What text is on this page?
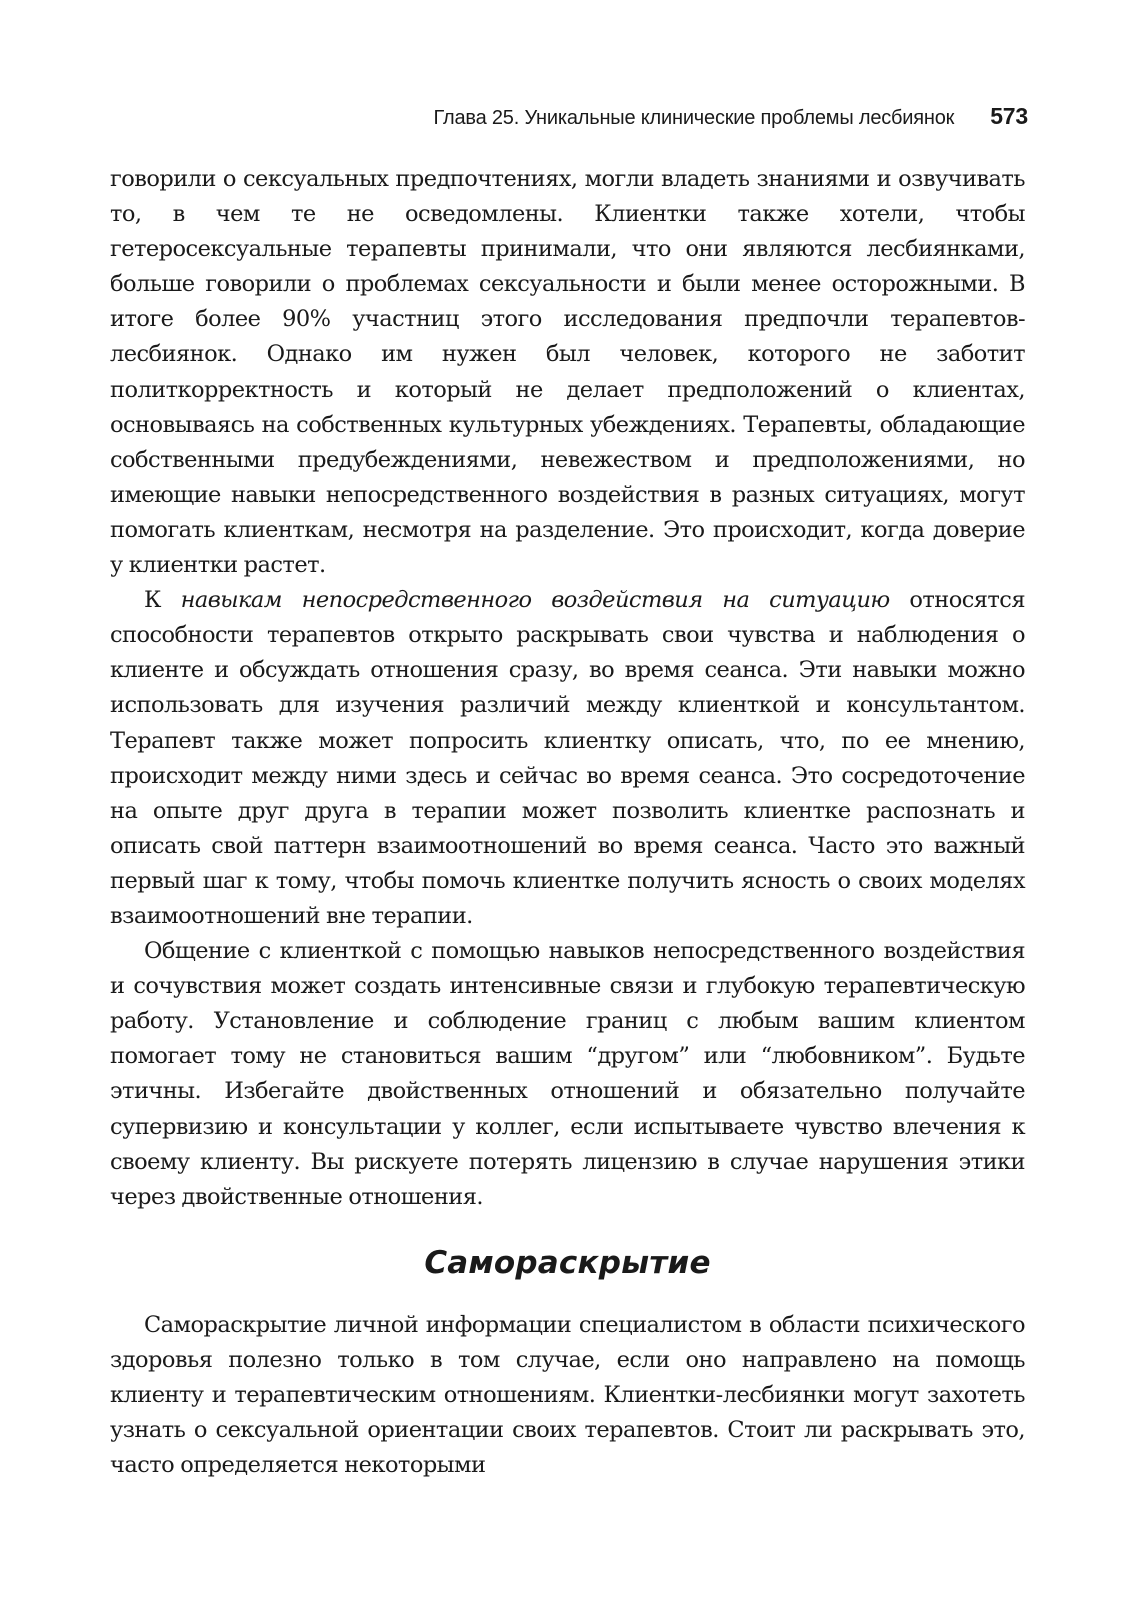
Глава 25. Уникальные клинические проблемы лесбиянок 573

говорили о сексуальных предпочтениях, могли владеть знаниями и озвучивать то, в чем те не осведомлены. Клиентки также хотели, чтобы гетеросексуальные терапевты принимали, что они являются лесбиянками, больше говорили о проблемах сексуальности и были менее осторожными. В итоге более 90% участниц этого исследования предпочли терапевтов-лесбиянок. Однако им нужен был человек, которого не заботит политкорректность и который не делает предположений о клиентах, основываясь на собственных культурных убеждениях. Терапевты, обладающие собственными предубеждениями, невежеством и предположениями, но имеющие навыки непосредственного воздействия в разных ситуациях, могут помогать клиенткам, несмотря на разделение. Это происходит, когда доверие у клиентки растет.

К навыкам непосредственного воздействия на ситуацию относятся способности терапевтов открыто раскрывать свои чувства и наблюдения о клиенте и обсуждать отношения сразу, во время сеанса. Эти навыки можно использовать для изучения различий между клиенткой и консультантом. Терапевт также может попросить клиентку описать, что, по ее мнению, происходит между ними здесь и сейчас во время сеанса. Это сосредоточение на опыте друг друга в терапии может позволить клиентке распознать и описать свой паттерн взаимоотношений во время сеанса. Часто это важный первый шаг к тому, чтобы помочь клиентке получить ясность о своих моделях взаимоотношений вне терапии.

Общение с клиенткой с помощью навыков непосредственного воздействия и сочувствия может создать интенсивные связи и глубокую терапевтическую работу. Установление и соблюдение границ с любым вашим клиентом помогает тому не становиться вашим “другом” или “любовником”. Будьте этичны. Избегайте двойственных отношений и обязательно получайте супервизию и консультации у коллег, если испытываете чувство влечения к своему клиенту. Вы рискуете потерять лицензию в случае нарушения этики через двойственные отношения.

Самораскрытие

Самораскрытие личной информации специалистом в области психического здоровья полезно только в том случае, если оно направлено на помощь клиенту и терапевтическим отношениям. Клиентки-лесбиянки могут захотеть узнать о сексуальной ориентации своих терапевтов. Стоит ли раскрывать это, часто определяется некоторыми
